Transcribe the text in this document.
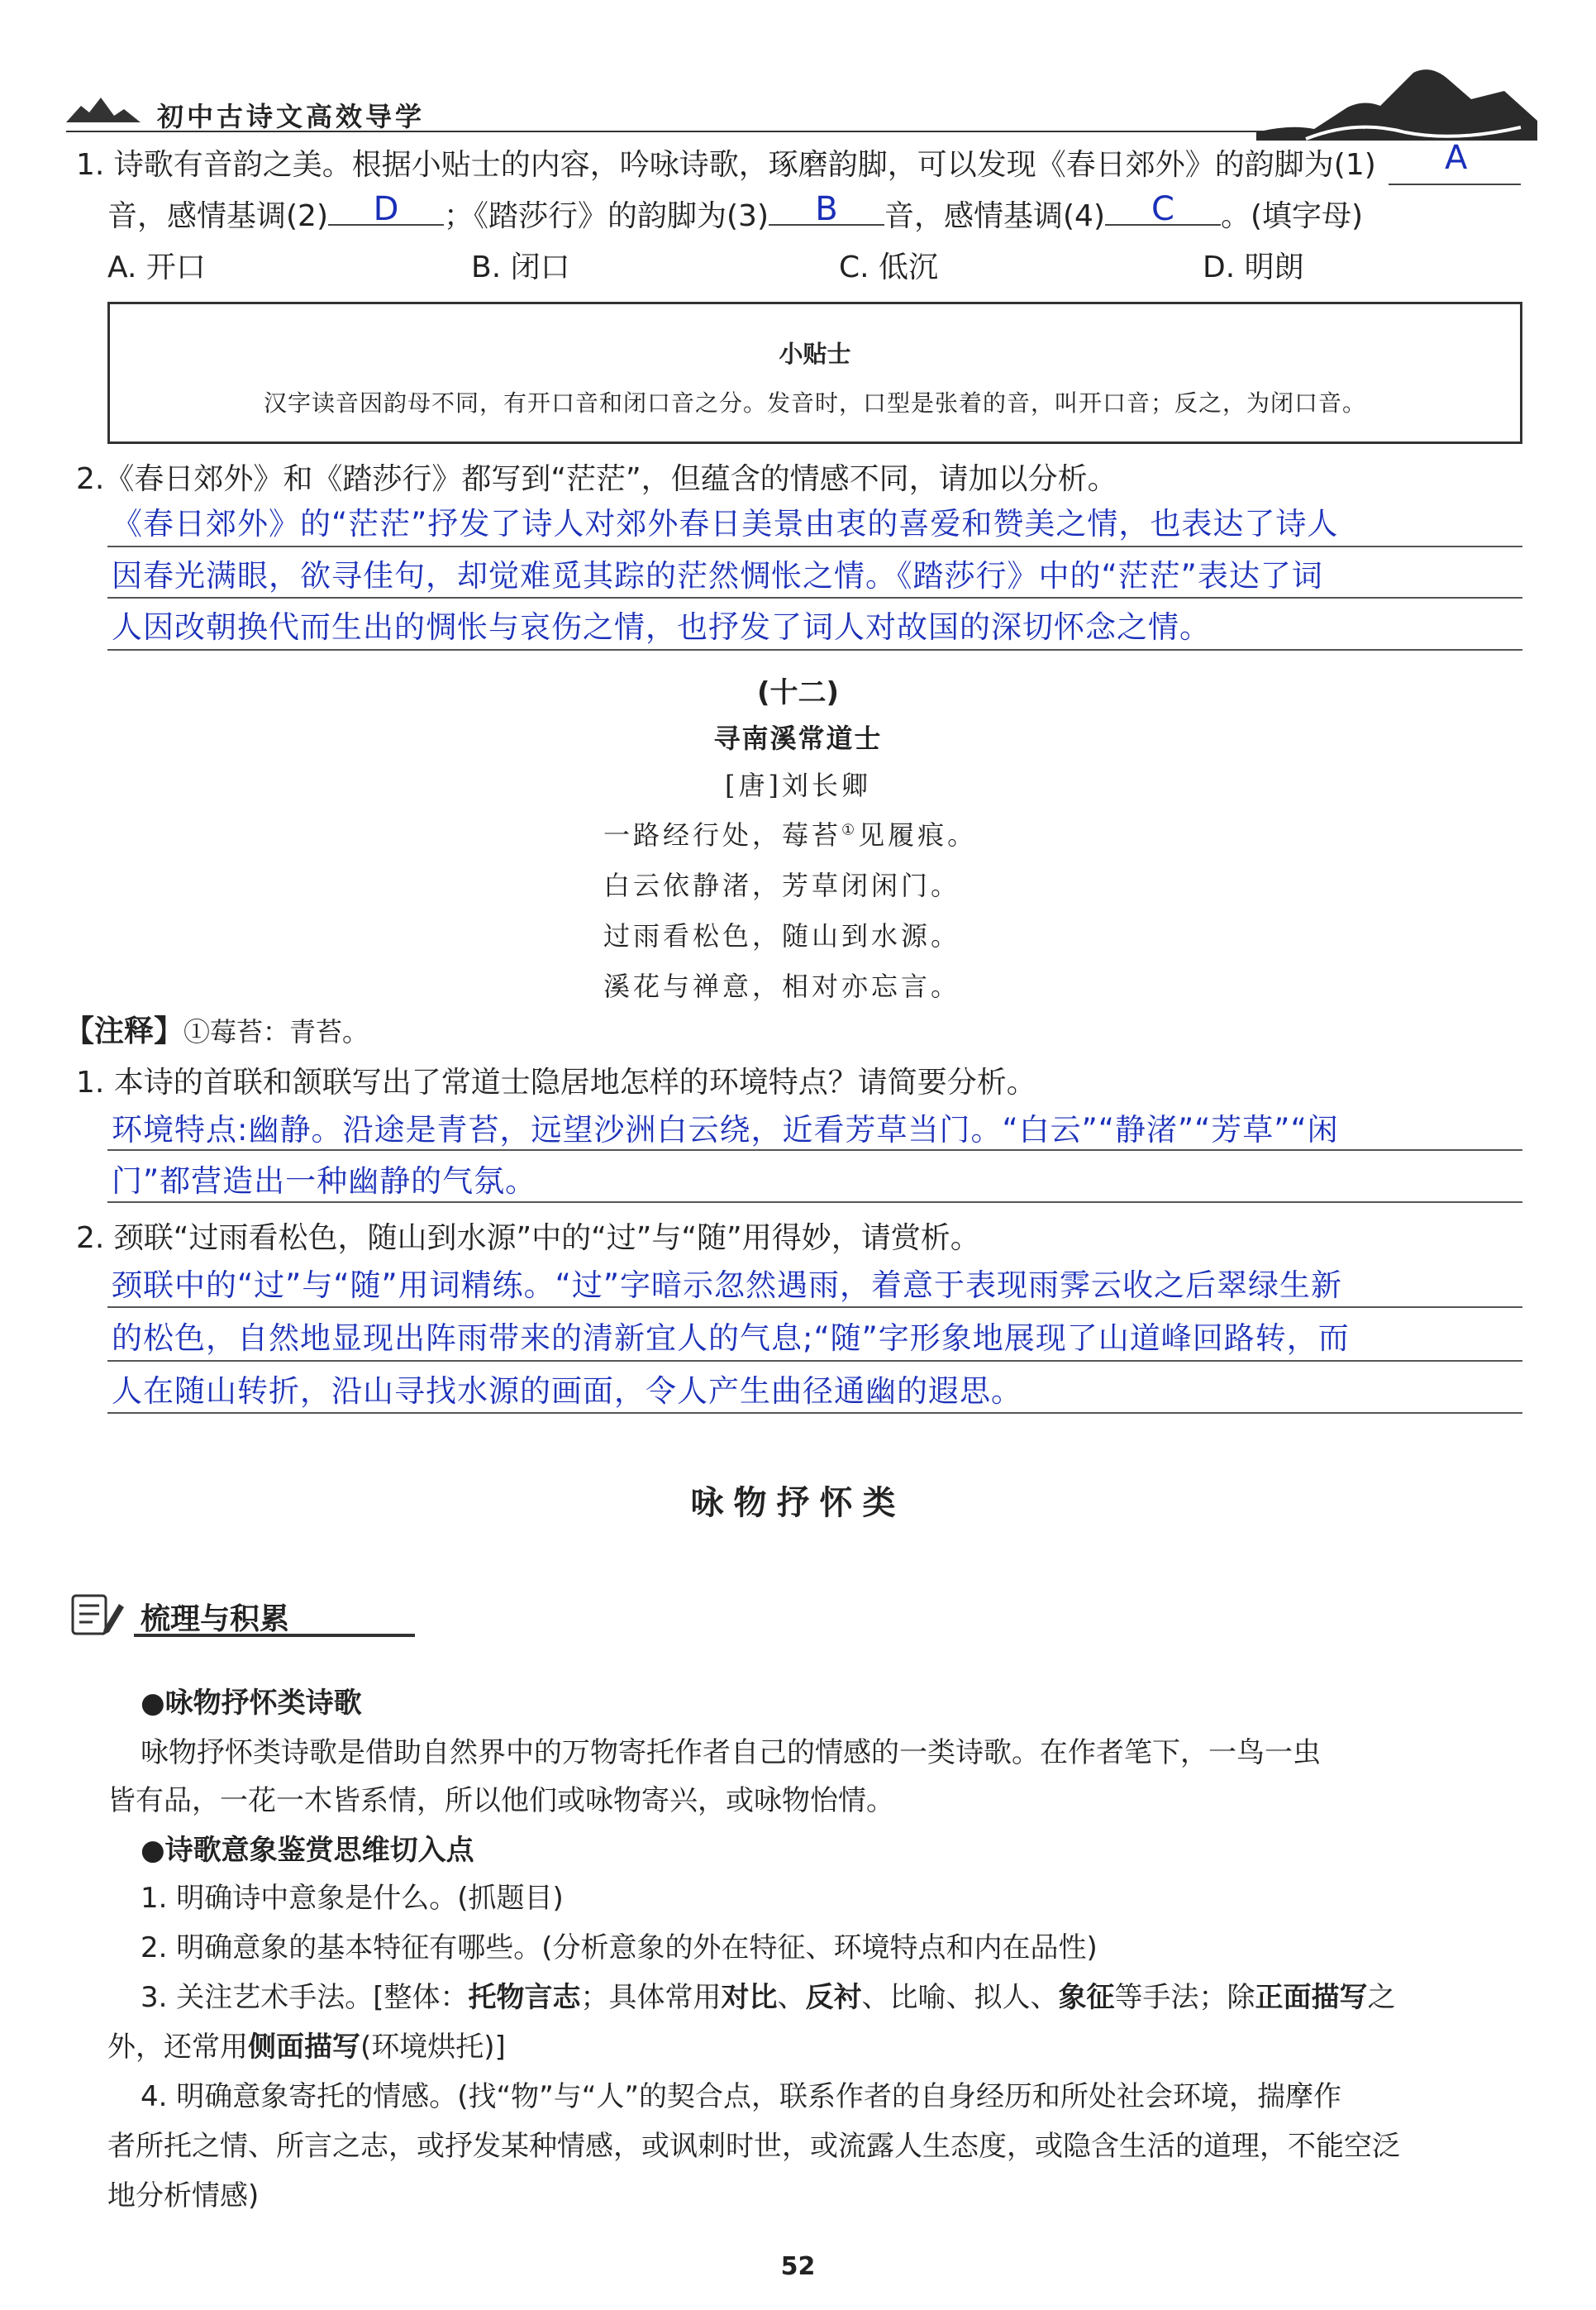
初中古诗文高效导学
1. 诗歌有音韵之美。根据小贴士的内容，吟咏诗歌，琢磨韵脚，可以发现《春日郊外》的韵脚为(1) A
音，感情基调(2)	D	；《踏莎行》的韵脚为(3)	B	音，感情基调(4)	C	。(填字母)
A. 开口	B. 闭口	C. 低沉	D. 明朗
小贴士
汉字读音因韵母不同，有开口音和闭口音之分。发音时，口型是张着的音，叫开口音；反之，为闭口音。
2.《春日郊外》和《踏莎行》都写到“茫茫”，但蕴含的情感不同，请加以分析。
《春日郊外》的“茫茫”抒发了诗人对郊外春日美景由衷的喜爱和赞美之情，也表达了诗人
因春光满眼，欲寻佳句，却觉难觅其踪的茫然惆怅之情。《踏莎行》中的“茫茫”表达了词
人因改朝换代而生出的惆怅与哀伤之情，也抒发了词人对故国的深切怀念之情。
(十二)
寻南溪常道士
[唐]刘长卿
一路经行处，莓苔①见履痕。
白云依静渚，芳草闭闲门。
过雨看松色，随山到水源。
溪花与禅意，相对亦忘言。
【注释】①莓苔：青苔。
1. 本诗的首联和颔联写出了常道士隐居地怎样的环境特点？请简要分析。
环境特点:幽静。沿途是青苔，远望沙洲白云绕，近看芳草当门。“白云”“静渚”“芳草”“闲
门”都营造出一种幽静的气氛。
2. 颈联“过雨看松色，随山到水源”中的“过”与“随”用得妙，请赏析。
颈联中的“过”与“随”用词精练。“过”字暗示忽然遇雨，着意于表现雨霁云收之后翠绿生新
的松色，自然地显现出阵雨带来的清新宜人的气息;“随”字形象地展现了山道峰回路转，而
人在随山转折，沿山寻找水源的画面，令人产生曲径通幽的遐思。
咏物抒怀类
梳理与积累
●咏物抒怀类诗歌
咏物抒怀类诗歌是借助自然界中的万物寄托作者自己的情感的一类诗歌。在作者笔下，一鸟一虫
皆有品，一花一木皆系情，所以他们或咏物寄兴，或咏物怡情。
●诗歌意象鉴赏思维切入点
1. 明确诗中意象是什么。(抓题目)
2. 明确意象的基本特征有哪些。(分析意象的外在特征、环境特点和内在品性)
3. 关注艺术手法。[整体：托物言志；具体常用对比、反衬、比喻、拟人、象征等手法；除正面描写之
外，还常用侧面描写(环境烘托)]
4. 明确意象寄托的情感。(找“物”与“人”的契合点，联系作者的自身经历和所处社会环境，揣摩作
者所托之情、所言之志，或抒发某种情感，或讽刺时世，或流露人生态度，或隐含生活的道理，不能空泛
地分析情感)
52
